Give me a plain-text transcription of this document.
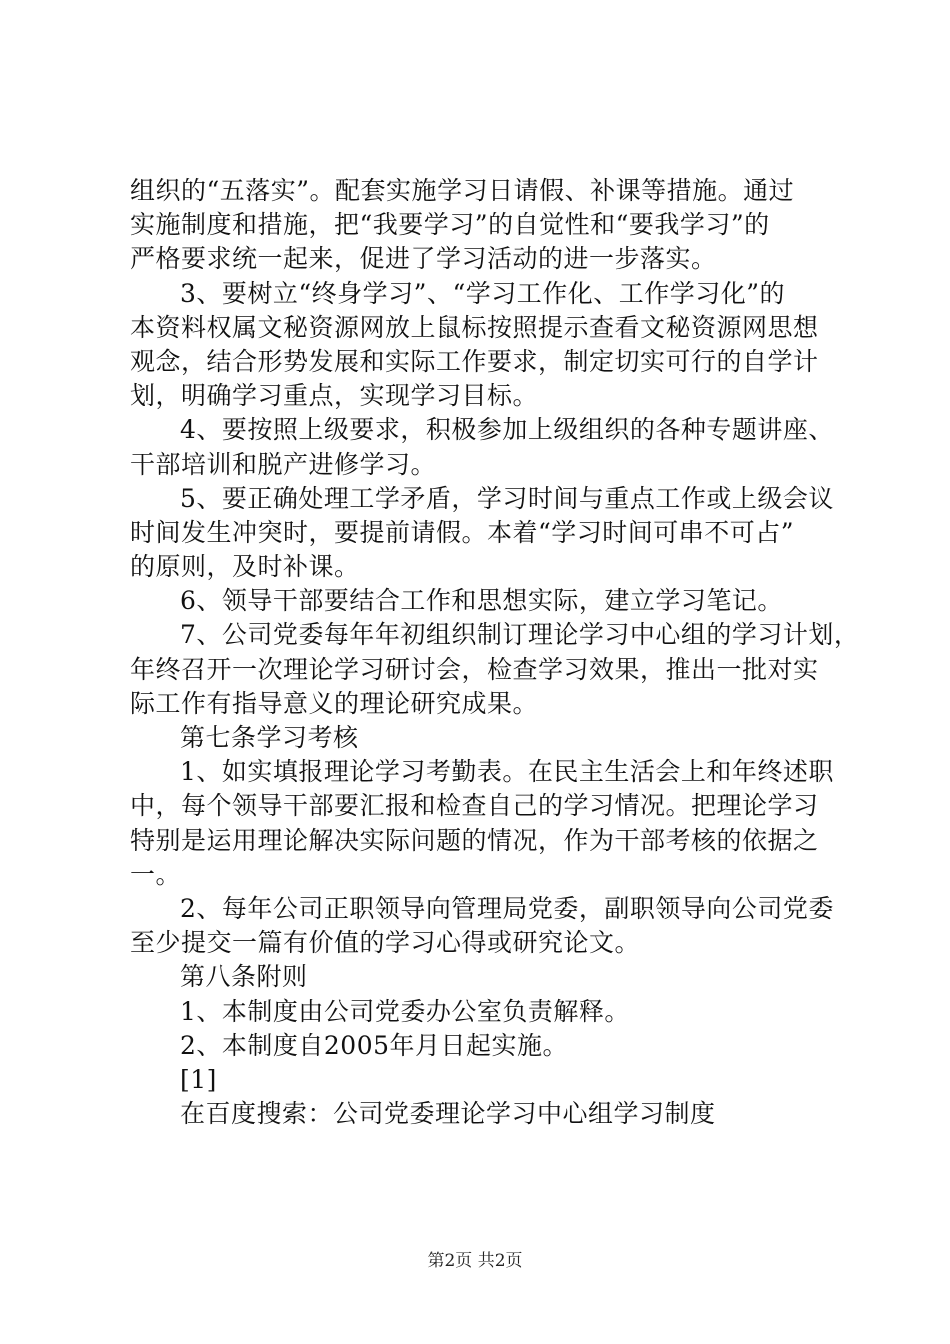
组织的“五落实”。配套实施学习日请假、补课等措施。通过
实施制度和措施，把“我要学习”的自觉性和“要我学习”的
严格要求统一起来，促进了学习活动的进一步落实。
3、要树立“终身学习”、“学习工作化、工作学习化”的
本资料权属文秘资源网放上鼠标按照提示查看文秘资源网思想
观念，结合形势发展和实际工作要求，制定切实可行的自学计
划，明确学习重点，实现学习目标。
4、要按照上级要求，积极参加上级组织的各种专题讲座、
干部培训和脱产进修学习。
5、要正确处理工学矛盾，学习时间与重点工作或上级会议
时间发生冲突时，要提前请假。本着“学习时间可串不可占”
的原则，及时补课。
6、领导干部要结合工作和思想实际，建立学习笔记。
7、公司党委每年年初组织制订理论学习中心组的学习计划，
年终召开一次理论学习研讨会，检查学习效果，推出一批对实
际工作有指导意义的理论研究成果。
第七条学习考核
1、如实填报理论学习考勤表。在民主生活会上和年终述职
中，每个领导干部要汇报和检查自己的学习情况。把理论学习
特别是运用理论解决实际问题的情况，作为干部考核的依据之
一。
2、每年公司正职领导向管理局党委，副职领导向公司党委
至少提交一篇有价值的学习心得或研究论文。
第八条附则
1、本制度由公司党委办公室负责解释。
2、本制度自2005年月日起实施。
[1]
在百度搜索：公司党委理论学习中心组学习制度
第2页 共2页
